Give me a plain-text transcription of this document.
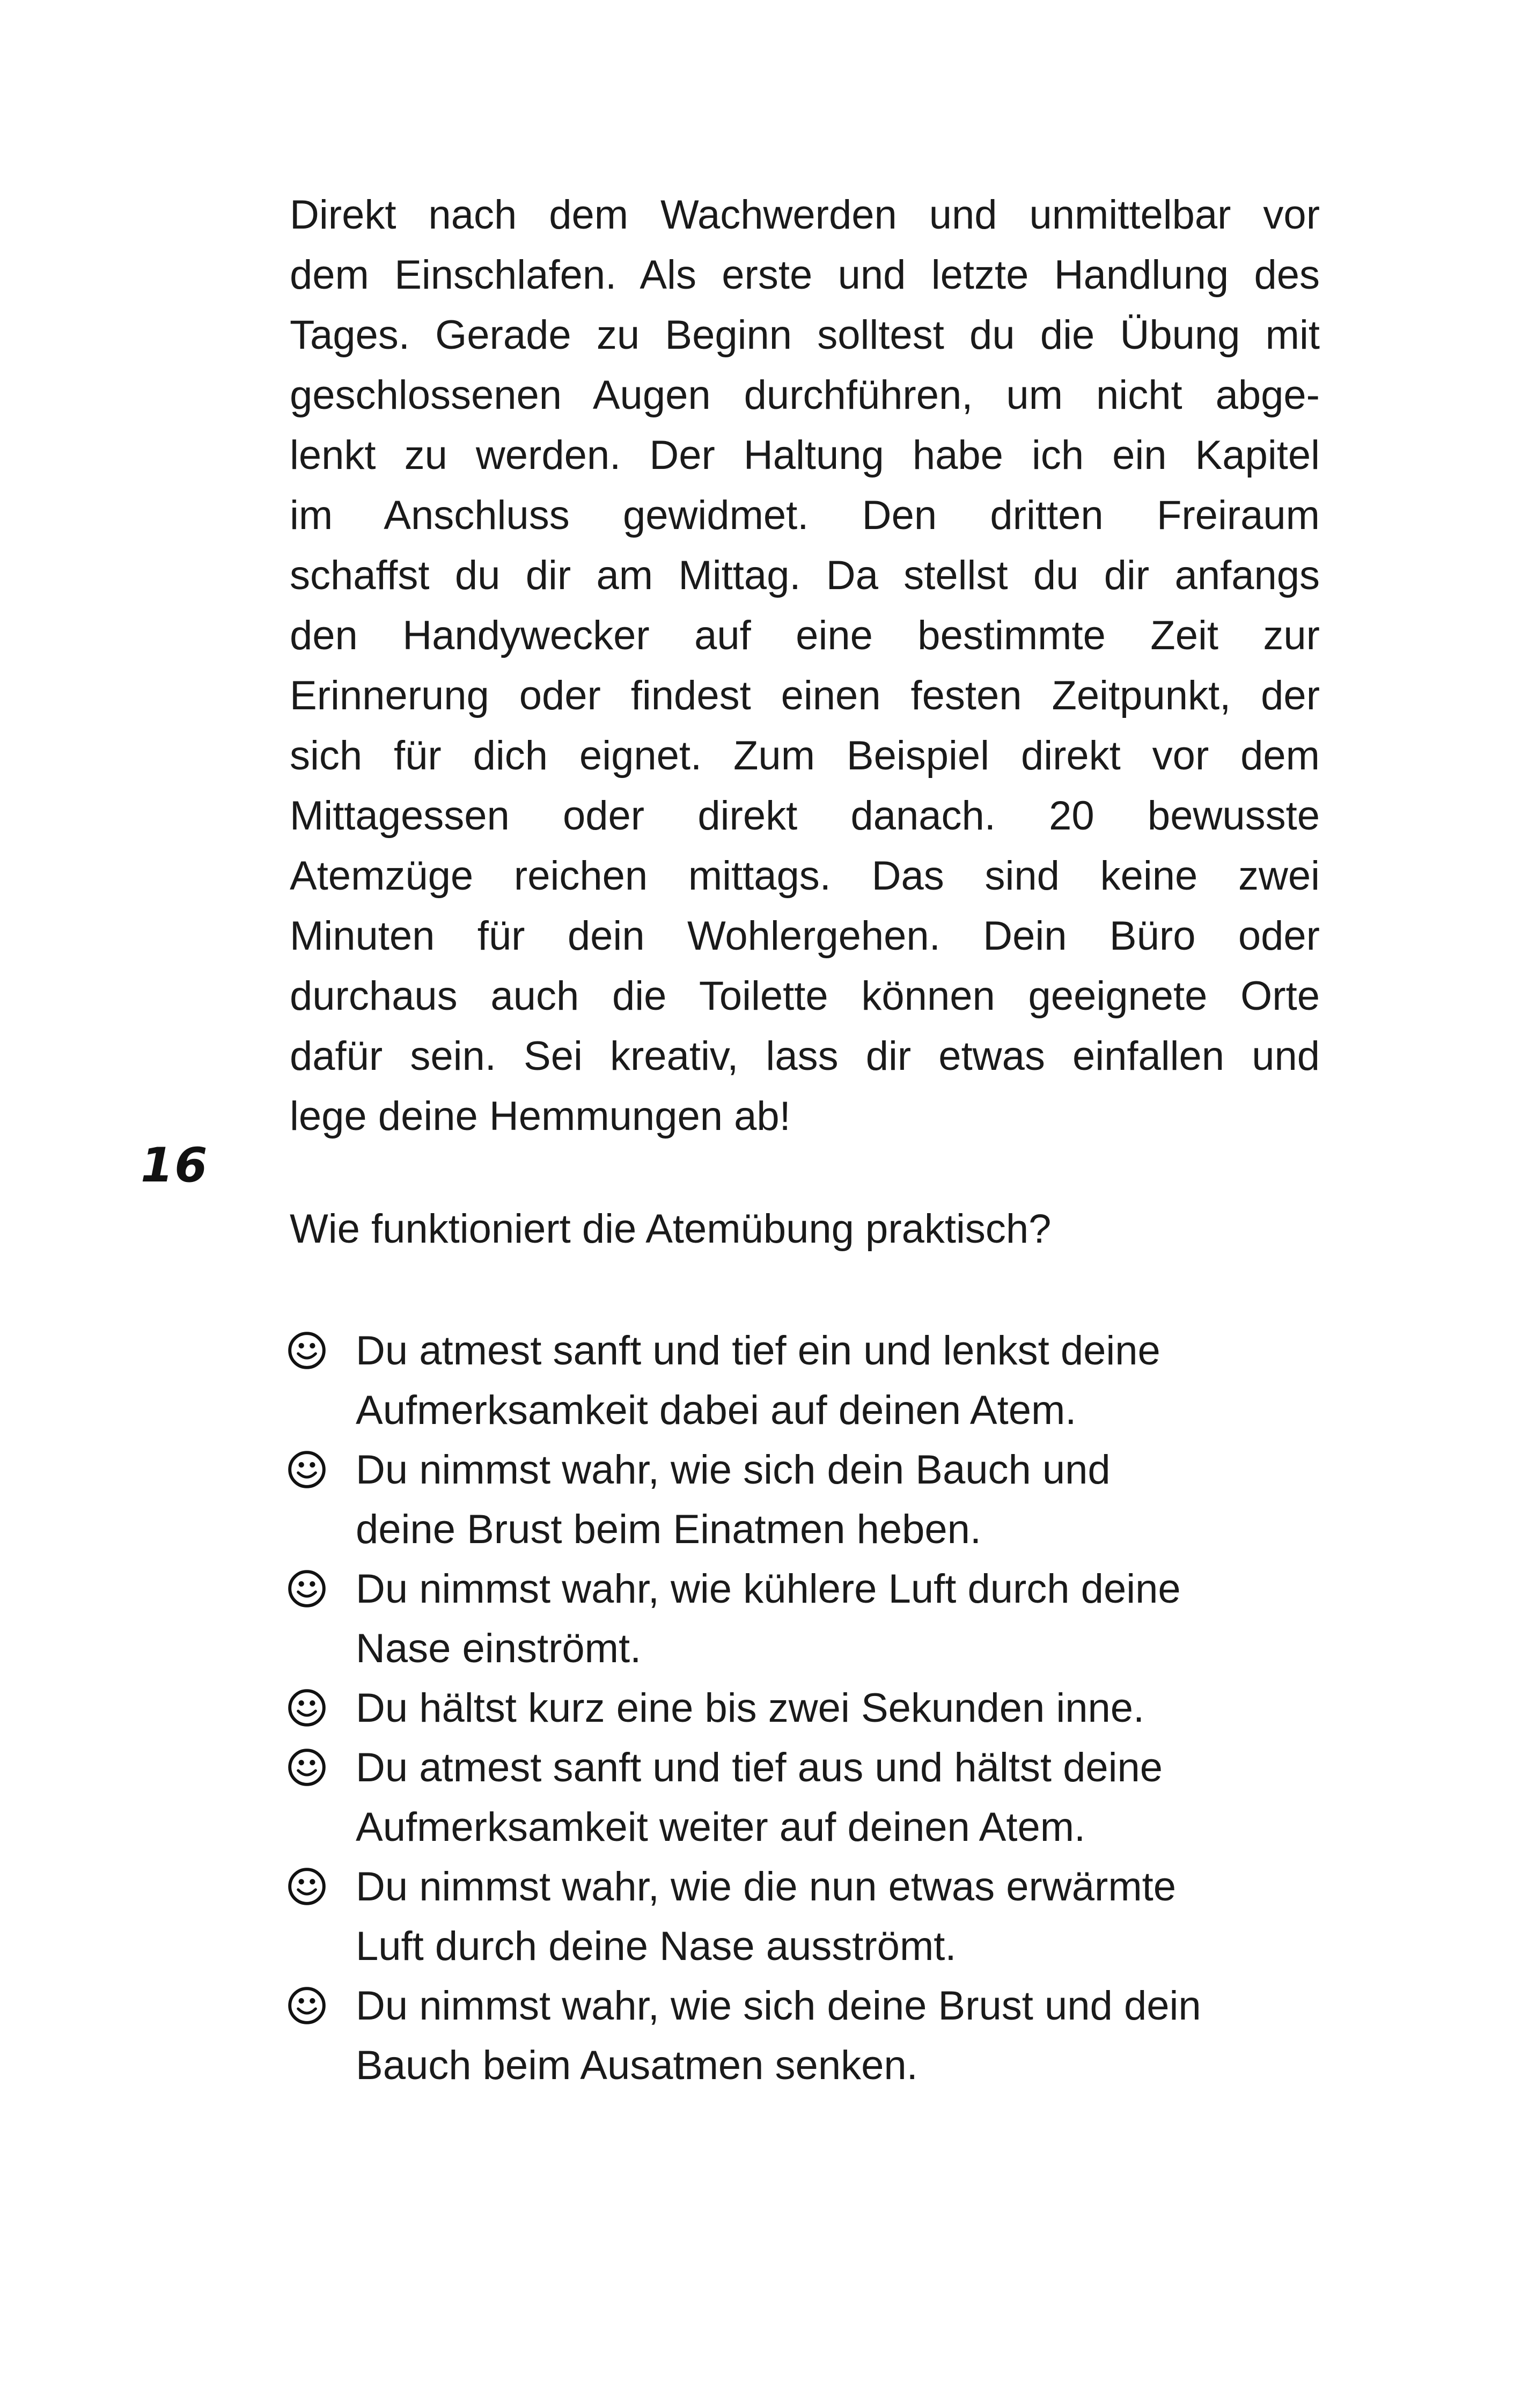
Direkt nach dem Wachwerden und unmittelbar vor
dem Einschlafen. Als erste und letzte Handlung des
Tages. Gerade zu Beginn solltest du die Übung mit
geschlossenen Augen durchführen, um nicht abge-
lenkt zu werden. Der Haltung habe ich ein Kapitel
im Anschluss gewidmet. Den dritten Freiraum
schaffst du dir am Mittag. Da stellst du dir anfangs
den Handywecker auf eine bestimmte Zeit zur
Erinnerung oder findest einen festen Zeitpunkt, der
sich für dich eignet. Zum Beispiel direkt vor dem
Mittagessen oder direkt danach. 20 bewusste
Atemzüge reichen mittags. Das sind keine zwei
Minuten für dein Wohlergehen. Dein Büro oder
durchaus auch die Toilette können geeignete Orte
dafür sein. Sei kreativ, lass dir etwas einfallen und
lege deine Hemmungen ab!

16

Wie funktioniert die Atemübung praktisch?

Du atmest sanft und tief ein und lenkst deine
Aufmerksamkeit dabei auf deinen Atem.
Du nimmst wahr, wie sich dein Bauch und
deine Brust beim Einatmen heben.
Du nimmst wahr, wie kühlere Luft durch deine
Nase einströmt.
Du hältst kurz eine bis zwei Sekunden inne.
Du atmest sanft und tief aus und hältst deine
Aufmerksamkeit weiter auf deinen Atem.
Du nimmst wahr, wie die nun etwas erwärmte
Luft durch deine Nase ausströmt.
Du nimmst wahr, wie sich deine Brust und dein
Bauch beim Ausatmen senken.
